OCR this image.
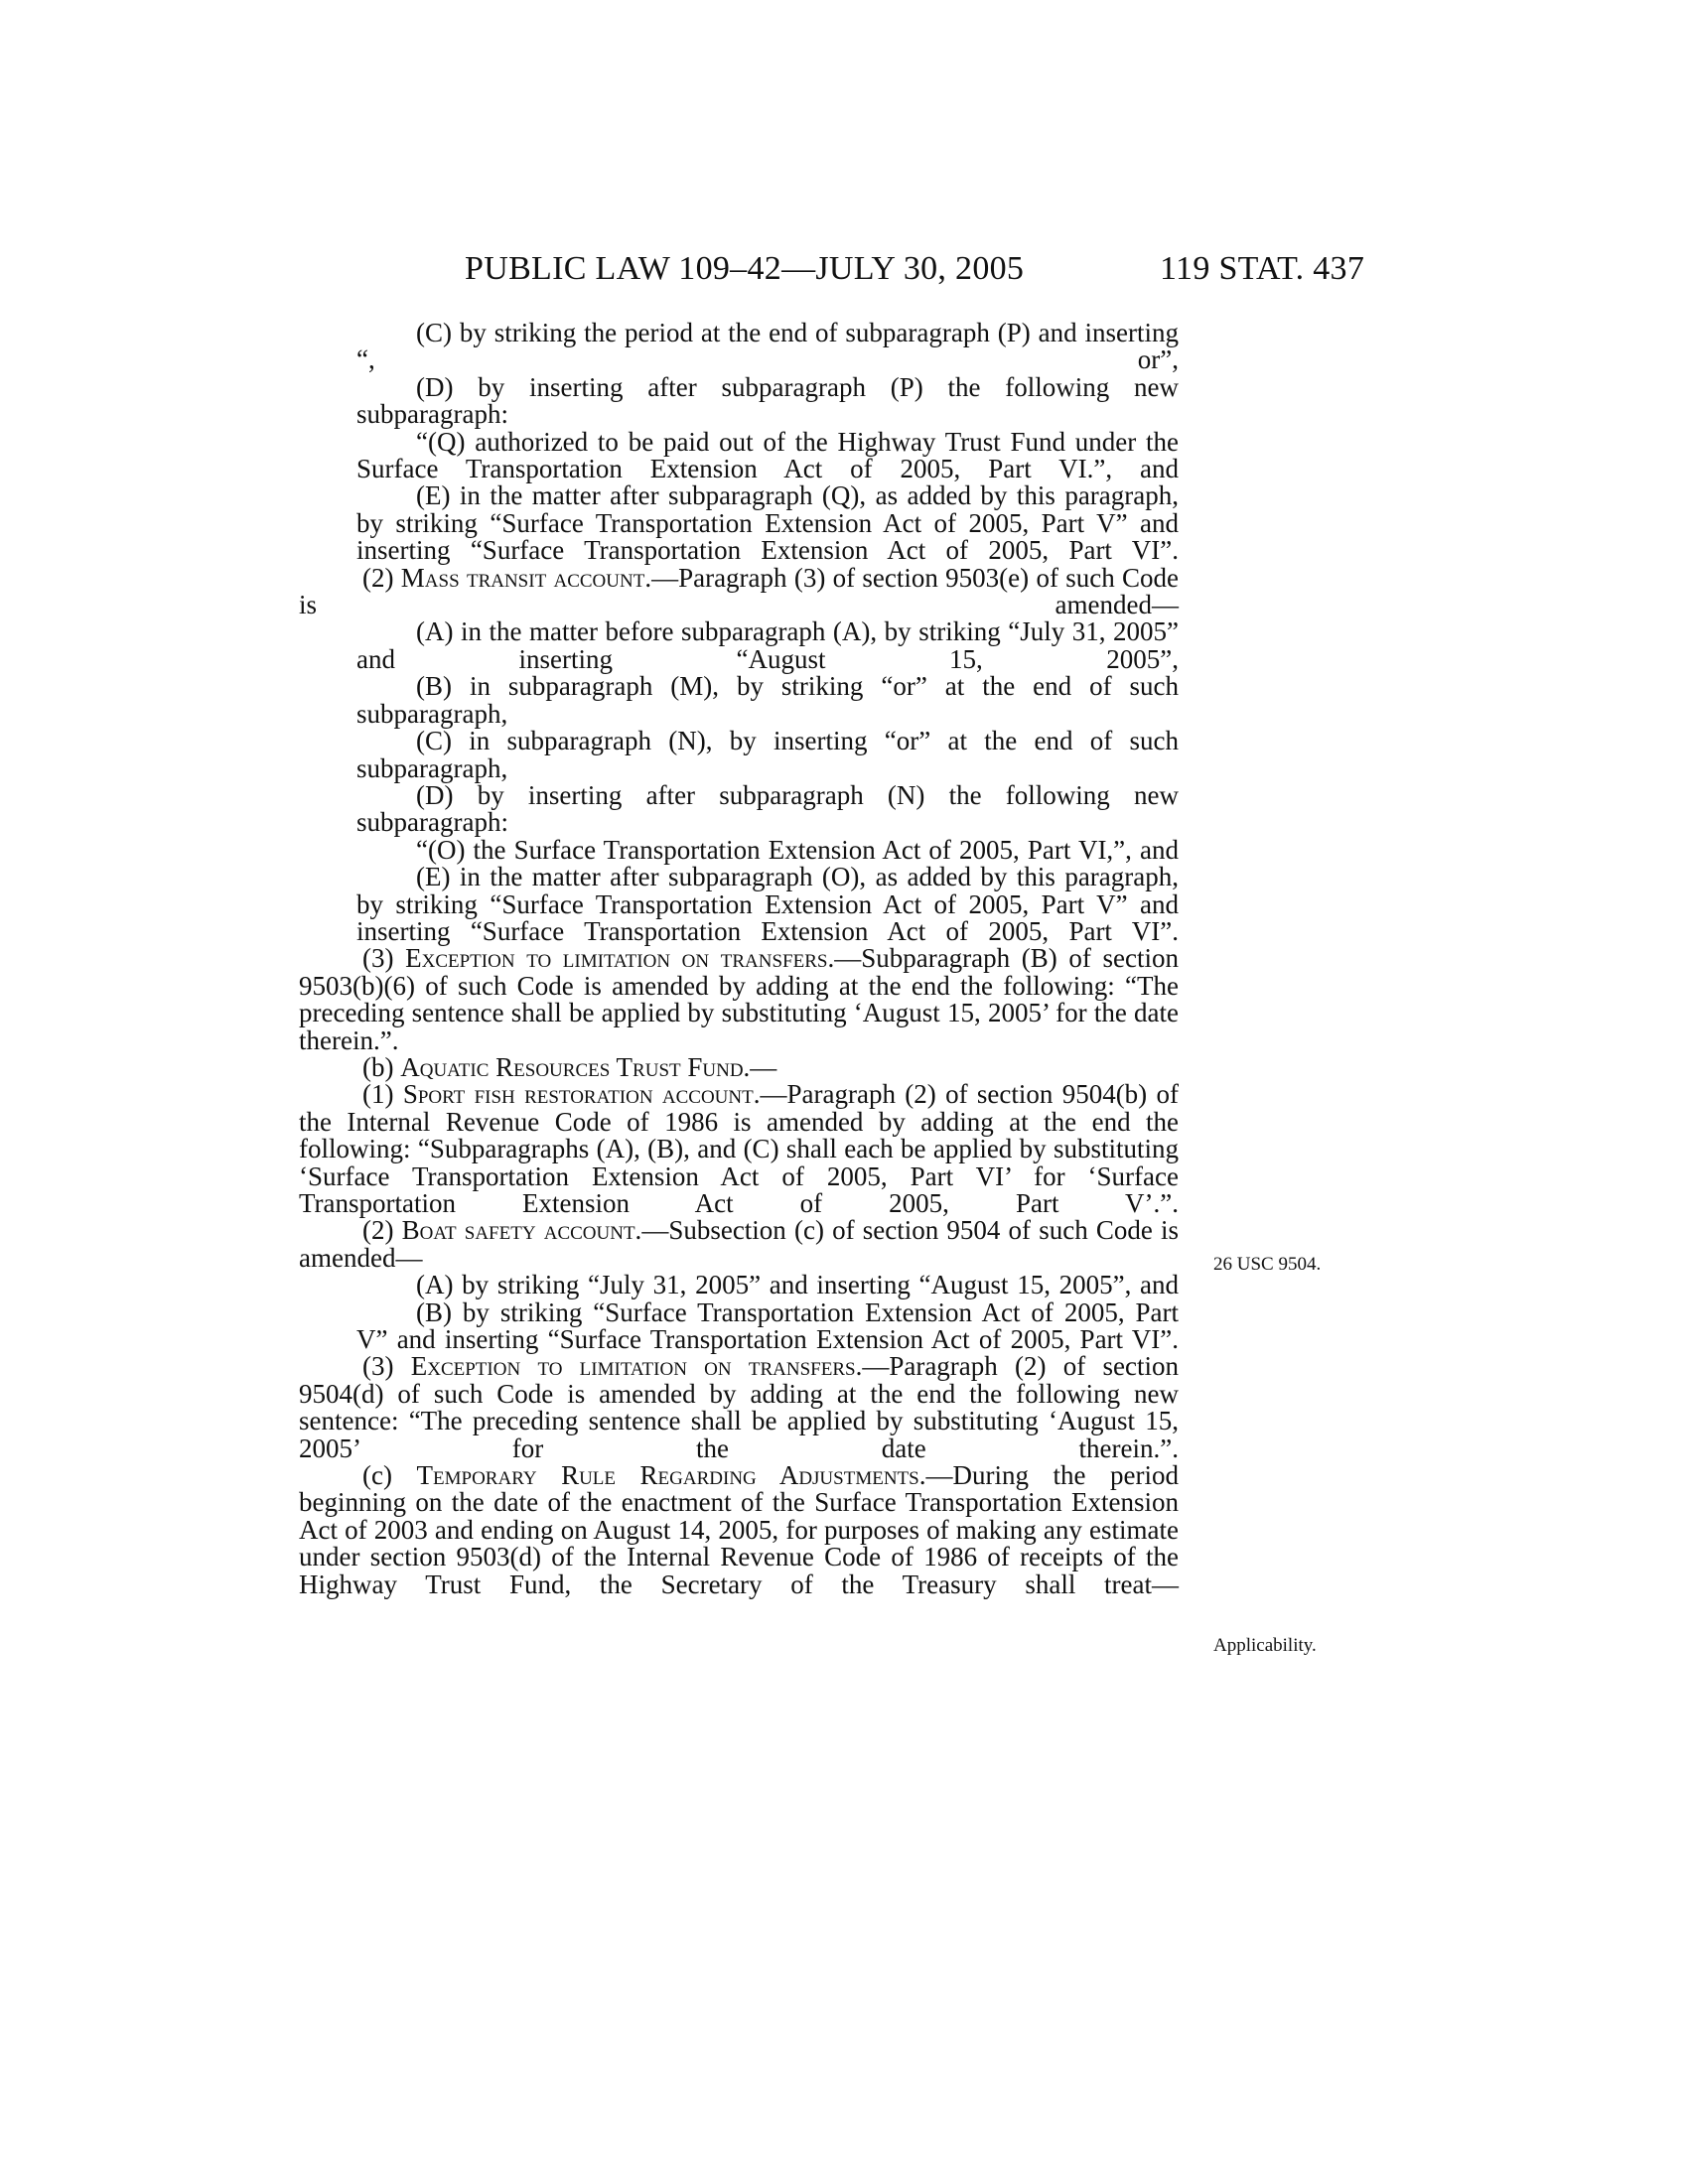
PUBLIC LAW 109–42—JULY 30, 2005	119 STAT. 437

(C) by striking the period at the end of subparagraph (P) and inserting “, or”,

(D) by inserting after subparagraph (P) the following new subparagraph:

“(Q) authorized to be paid out of the Highway Trust Fund under the Surface Transportation Extension Act of 2005, Part VI.”, and

(E) in the matter after subparagraph (Q), as added by this paragraph, by striking “Surface Transportation Extension Act of 2005, Part V” and inserting “Surface Transportation Extension Act of 2005, Part VI”.

(2) Mass transit account.—Paragraph (3) of section 9503(e) of such Code is amended—

(A) in the matter before subparagraph (A), by striking “July 31, 2005” and inserting “August 15, 2005”,

(B) in subparagraph (M), by striking “or” at the end of such subparagraph,

(C) in subparagraph (N), by inserting “or” at the end of such subparagraph,

(D) by inserting after subparagraph (N) the following new subparagraph:

“(O) the Surface Transportation Extension Act of 2005, Part VI,”, and

(E) in the matter after subparagraph (O), as added by this paragraph, by striking “Surface Transportation Extension Act of 2005, Part V” and inserting “Surface Transportation Extension Act of 2005, Part VI”.

(3) Exception to limitation on transfers.—Subparagraph (B) of section 9503(b)(6) of such Code is amended by adding at the end the following: “The preceding sentence shall be applied by substituting ‘August 15, 2005’ for the date therein.”.

(b) Aquatic Resources Trust Fund.—

(1) Sport fish restoration account.—Paragraph (2) of section 9504(b) of the Internal Revenue Code of 1986 is amended by adding at the end the following: “Subparagraphs (A), (B), and (C) shall each be applied by substituting ‘Surface Transportation Extension Act of 2005, Part VI’ for ‘Surface Transportation Extension Act of 2005, Part V’.”.

(2) Boat safety account.—Subsection (c) of section 9504 of such Code is amended—

(A) by striking “July 31, 2005” and inserting “August 15, 2005”, and

(B) by striking “Surface Transportation Extension Act of 2005, Part V” and inserting “Surface Transportation Extension Act of 2005, Part VI”.

(3) Exception to limitation on transfers.—Paragraph (2) of section 9504(d) of such Code is amended by adding at the end the following new sentence: “The preceding sentence shall be applied by substituting ‘August 15, 2005’ for the date therein.”.

(c) Temporary Rule Regarding Adjustments.—During the period beginning on the date of the enactment of the Surface Transportation Extension Act of 2003 and ending on August 14, 2005, for purposes of making any estimate under section 9503(d) of the Internal Revenue Code of 1986 of receipts of the Highway Trust Fund, the Secretary of the Treasury shall treat—

26 USC 9504.
Applicability.
